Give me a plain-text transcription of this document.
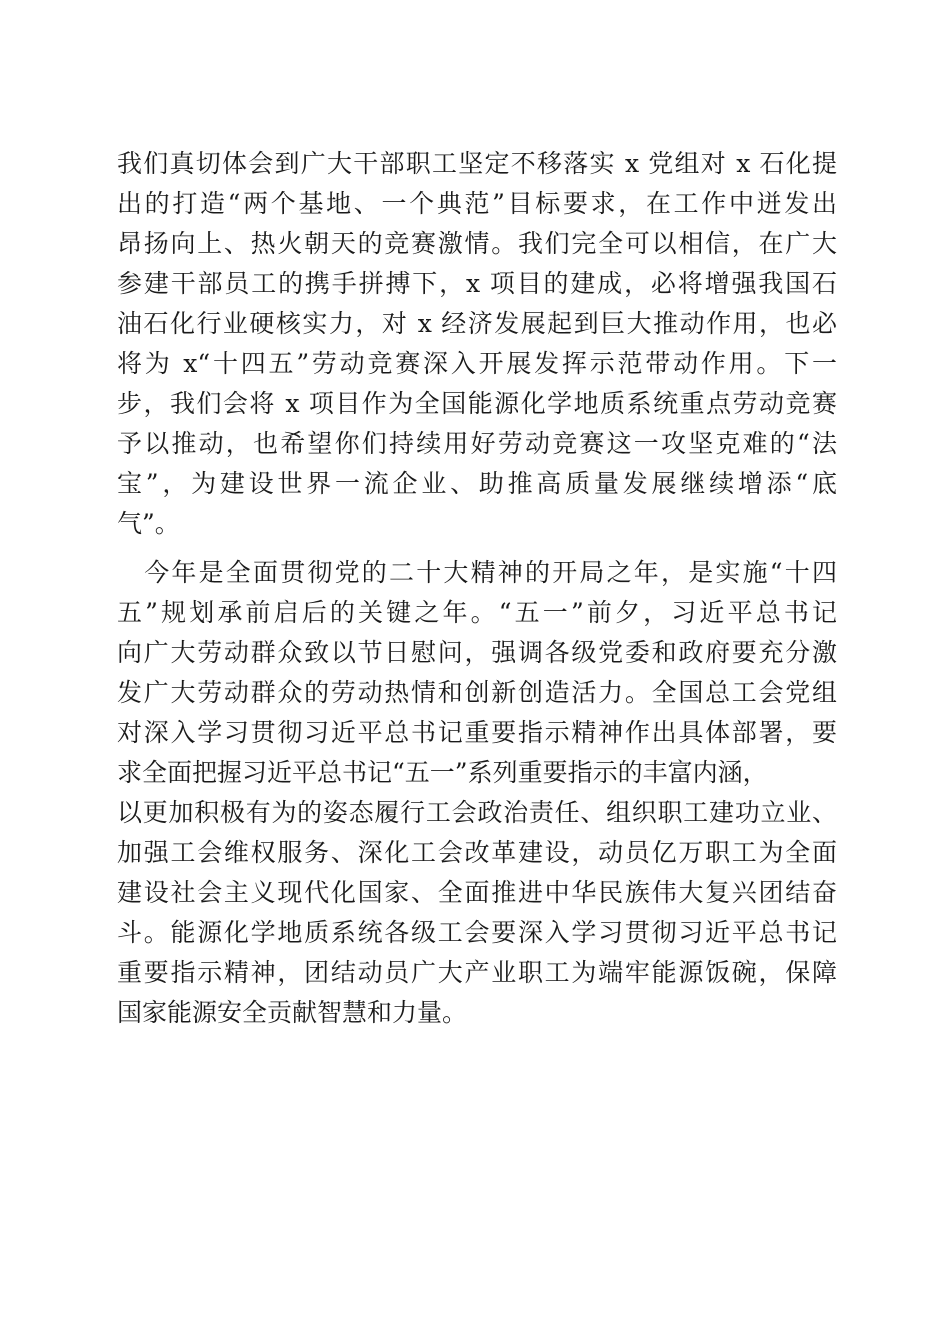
我们真切体会到广大干部职工坚定不移落实 x 党组对 x 石化提
出的打造“两个基地、一个典范”目标要求，在工作中迸发出
昂扬向上、热火朝天的竞赛激情。我们完全可以相信，在广大
参建干部员工的携手拼搏下，x 项目的建成，必将增强我国石
油石化行业硬核实力，对 x 经济发展起到巨大推动作用，也必
将为 x“十四五”劳动竞赛深入开展发挥示范带动作用。下一
步，我们会将 x 项目作为全国能源化学地质系统重点劳动竞赛
予以推动，也希望你们持续用好劳动竞赛这一攻坚克难的“法
宝”，为建设世界一流企业、助推高质量发展继续增添“底
气”。
　今年是全面贯彻党的二十大精神的开局之年，是实施“十四
五”规划承前启后的关键之年。“五一”前夕，习近平总书记
向广大劳动群众致以节日慰问，强调各级党委和政府要充分激
发广大劳动群众的劳动热情和创新创造活力。全国总工会党组
对深入学习贯彻习近平总书记重要指示精神作出具体部署，要
求全面把握习近平总书记“五一”系列重要指示的丰富内涵，
以更加积极有为的姿态履行工会政治责任、组织职工建功立业、
加强工会维权服务、深化工会改革建设，动员亿万职工为全面
建设社会主义现代化国家、全面推进中华民族伟大复兴团结奋
斗。能源化学地质系统各级工会要深入学习贯彻习近平总书记
重要指示精神，团结动员广大产业职工为端牢能源饭碗，保障
国家能源安全贡献智慧和力量。
